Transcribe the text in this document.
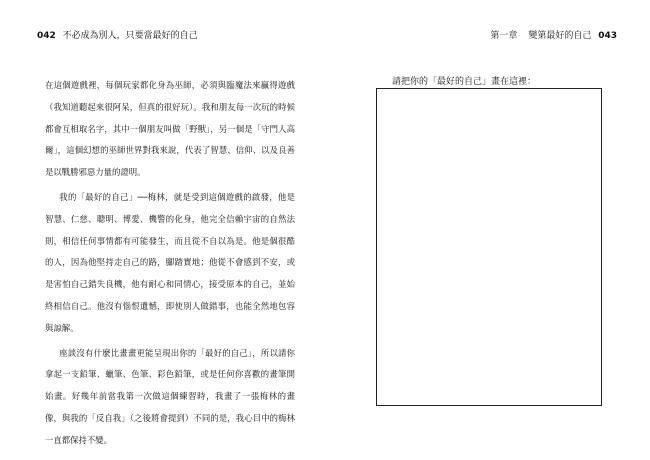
042 不必成為別人，只要當最好的自己	第一章 變第最好的自己 043

在這個遊戲裡，每個玩家都化身為巫師，必須與臨魔法來贏得遊戲（我知道聽起來很阿呆，但真的很好玩）。我和朋友每一次玩的時候都會互相取名字，其中一個朋友叫做「野獸」，另一個是「守門人高爾」，這個幻想的巫師世界對我來說，代表了智慧、信仰、以及良善是以戰勝邪惡力量的證明。

我的「最好的自己」──梅林，就是受到這個遊戲的啟發，他是智慧、仁慈、聰明、博愛、機警的化身，他完全信賴宇宙的自然法則，相信任何事情都有可能發生，而且從不自以為是。他是個很酷的人，因為他堅持走自己的路，腳踏實地；他從不會感到不安，或是害怕自己錯失良機，他有耐心和同情心，接受原本的自己，並始終相信自己。他沒有惱恨遺憾，即使別人做錯事，也能全然地包容與諒解。

座談沒有什麼比畫畫更能呈現出你的「最好的自己」，所以請你拿起一支鉛筆、蠟筆、色筆、彩色鉛筆，或是任何你喜歡的畫筆開始畫。好幾年前當我第一次做這個練習時，我畫了一張梅林的畫像，與我的「反自我」（之後將會提到）不同的是，我心目中的梅林一直都保持不變。

請把你的「最好的自己」畫在這裡：
